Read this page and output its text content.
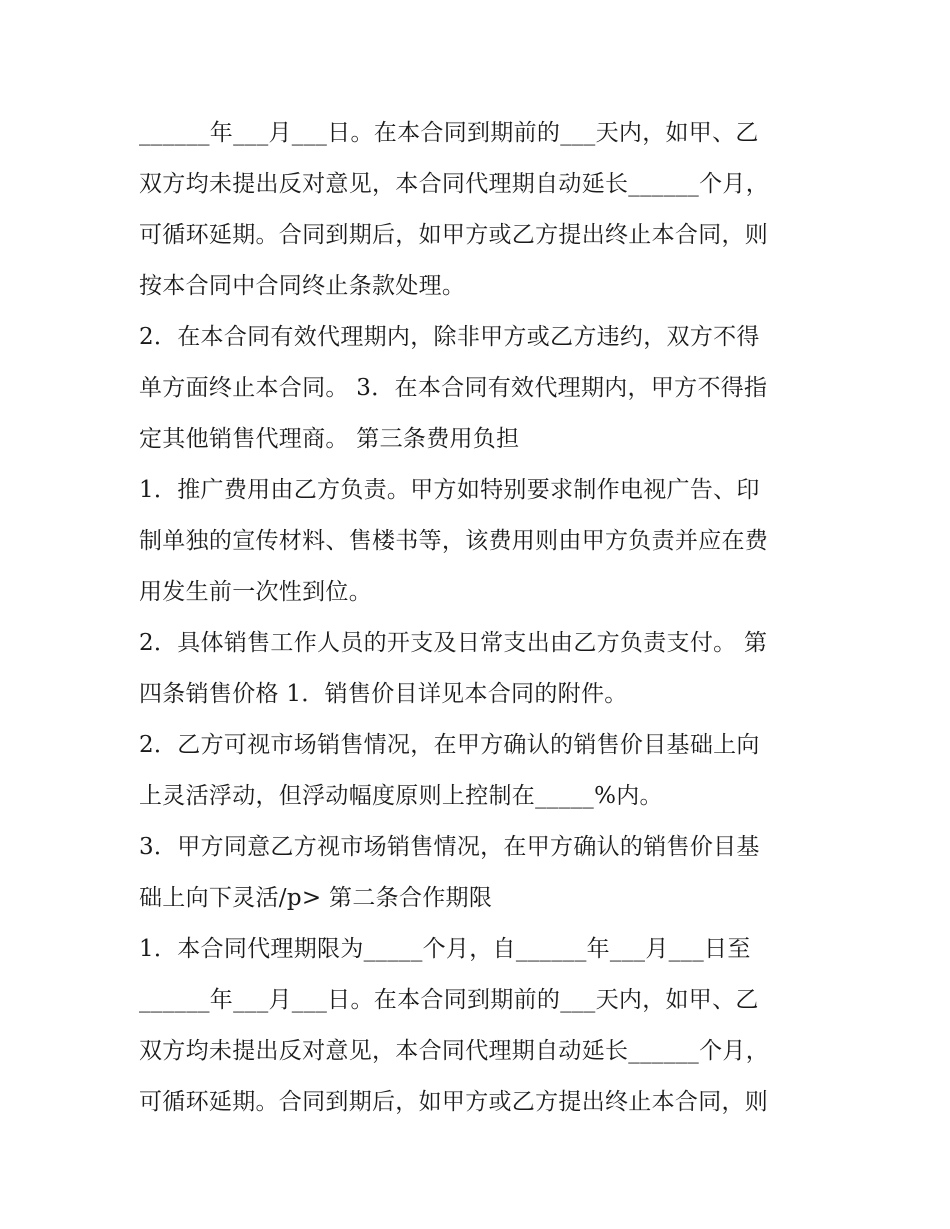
______年___月___日。在本合同到期前的___天内，如甲、乙
双方均未提出反对意见，本合同代理期自动延长______个月，
可循环延期。合同到期后，如甲方或乙方提出终止本合同，则
按本合同中合同终止条款处理。
2．在本合同有效代理期内，除非甲方或乙方违约，双方不得
单方面终止本合同。 3．在本合同有效代理期内，甲方不得指
定其他销售代理商。 第三条费用负担
1．推广费用由乙方负责。甲方如特别要求制作电视广告、印
制单独的宣传材料、售楼书等，该费用则由甲方负责并应在费
用发生前一次性到位。
2．具体销售工作人员的开支及日常支出由乙方负责支付。 第
四条销售价格 1．销售价目详见本合同的附件。
2．乙方可视市场销售情况，在甲方确认的销售价目基础上向
上灵活浮动，但浮动幅度原则上控制在_____%内。
3．甲方同意乙方视市场销售情况，在甲方确认的销售价目基
础上向下灵活/p> 第二条合作期限
1．本合同代理期限为_____个月，自______年___月___日至
______年___月___日。在本合同到期前的___天内，如甲、乙
双方均未提出反对意见，本合同代理期自动延长______个月，
可循环延期。合同到期后，如甲方或乙方提出终止本合同，则
